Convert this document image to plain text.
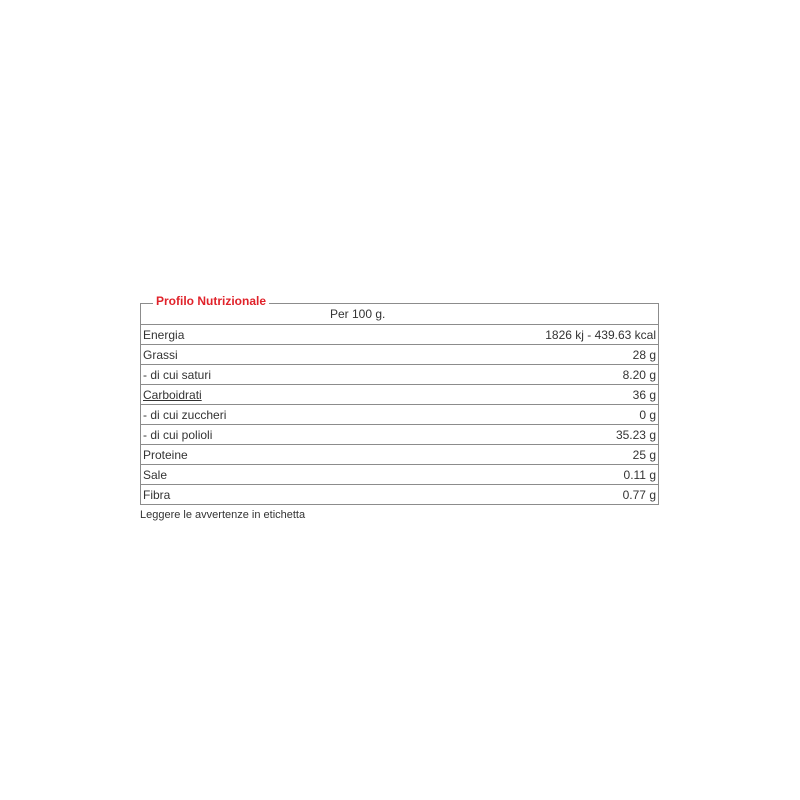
Profilo Nutrizionale
Per 100 g.
Energia	1826 kj - 439.63 kcal
Grassi	28 g
- di cui saturi	8.20 g
Carboidrati	36 g
- di cui zuccheri	0 g
- di cui polioli	35.23 g
Proteine	25 g
Sale	0.11 g
Fibra	0.77 g
Leggere le avvertenze in etichetta
